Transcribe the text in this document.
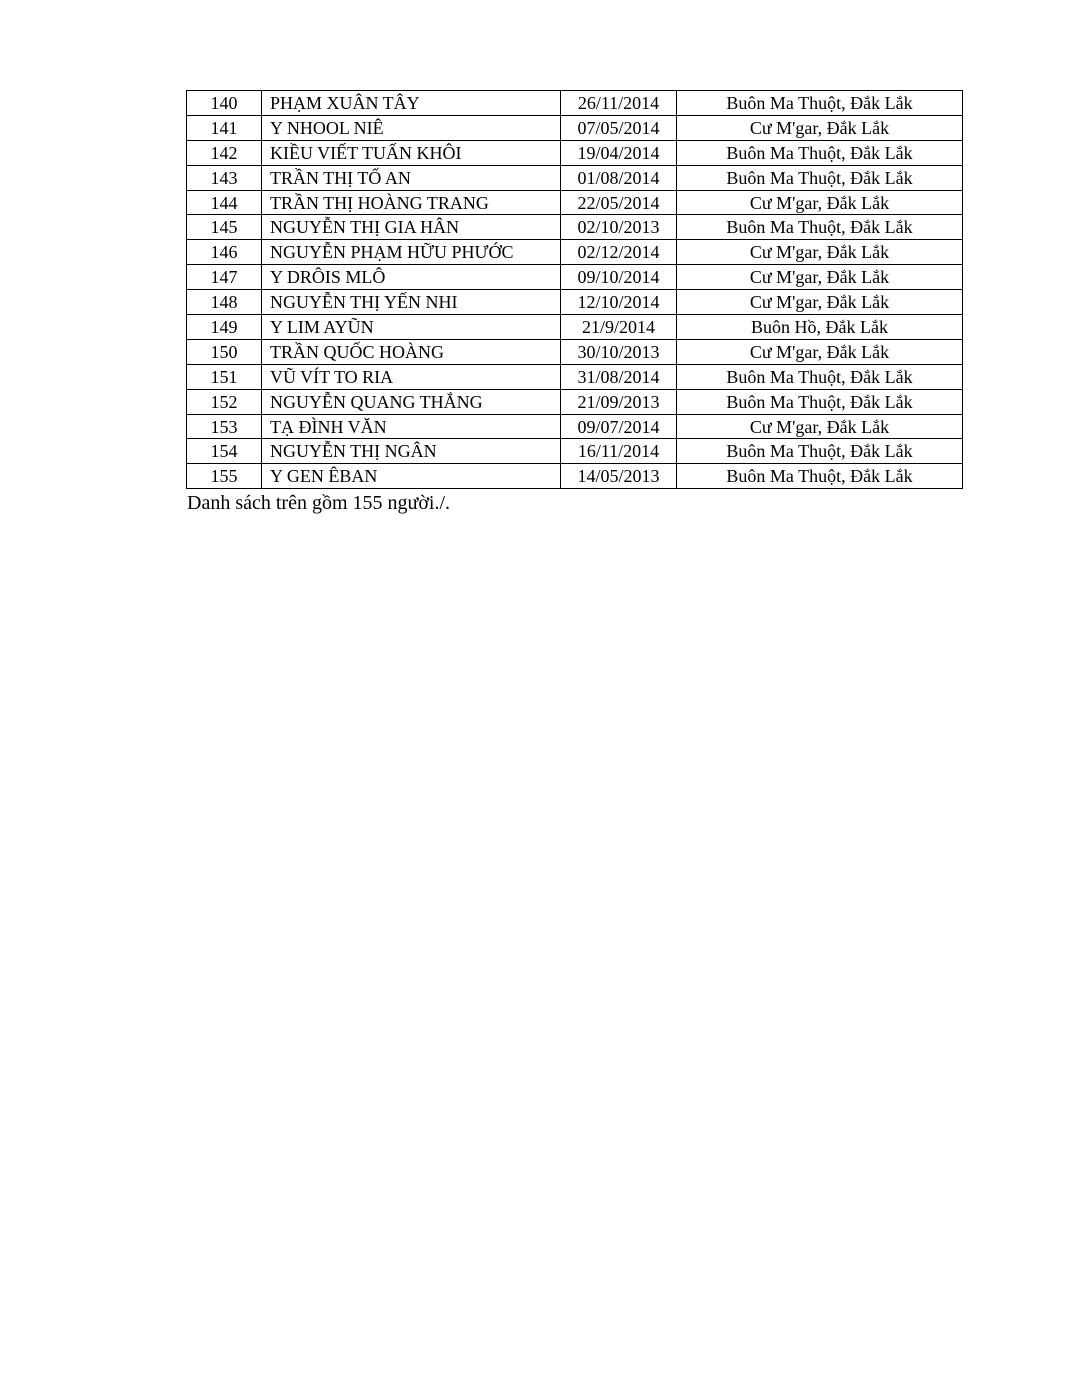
140	PHẠM XUÂN TÂY	26/11/2014	Buôn Ma Thuột, Đắk Lắk
141	Y NHOOL NIÊ	07/05/2014	Cư M'gar, Đắk Lắk
142	KIỀU VIẾT TUẤN KHÔI	19/04/2014	Buôn Ma Thuột, Đắk Lắk
143	TRẦN THỊ TỐ AN	01/08/2014	Buôn Ma Thuột, Đắk Lắk
144	TRẦN THỊ HOÀNG TRANG	22/05/2014	Cư M'gar, Đắk Lắk
145	NGUYỄN THỊ GIA HÂN	02/10/2013	Buôn Ma Thuột, Đắk Lắk
146	NGUYỄN PHẠM HỮU PHƯỚC	02/12/2014	Cư M'gar, Đắk Lắk
147	Y DRÔIS MLÔ	09/10/2014	Cư M'gar, Đắk Lắk
148	NGUYỄN THỊ YẾN NHI	12/10/2014	Cư M'gar, Đắk Lắk
149	Y LIM AYŨN	21/9/2014	Buôn Hồ, Đắk Lắk
150	TRẦN QUỐC HOÀNG	30/10/2013	Cư M'gar, Đắk Lắk
151	VŨ VÍT TO RIA	31/08/2014	Buôn Ma Thuột, Đắk Lắk
152	NGUYỄN QUANG THẮNG	21/09/2013	Buôn Ma Thuột, Đắk Lắk
153	TẠ ĐÌNH VĂN	09/07/2014	Cư M'gar, Đắk Lắk
154	NGUYỄN THỊ NGÂN	16/11/2014	Buôn Ma Thuột, Đắk Lắk
155	Y GEN ÊBAN	14/05/2013	Buôn Ma Thuột, Đắk Lắk
Danh sách trên gồm 155 người./.
